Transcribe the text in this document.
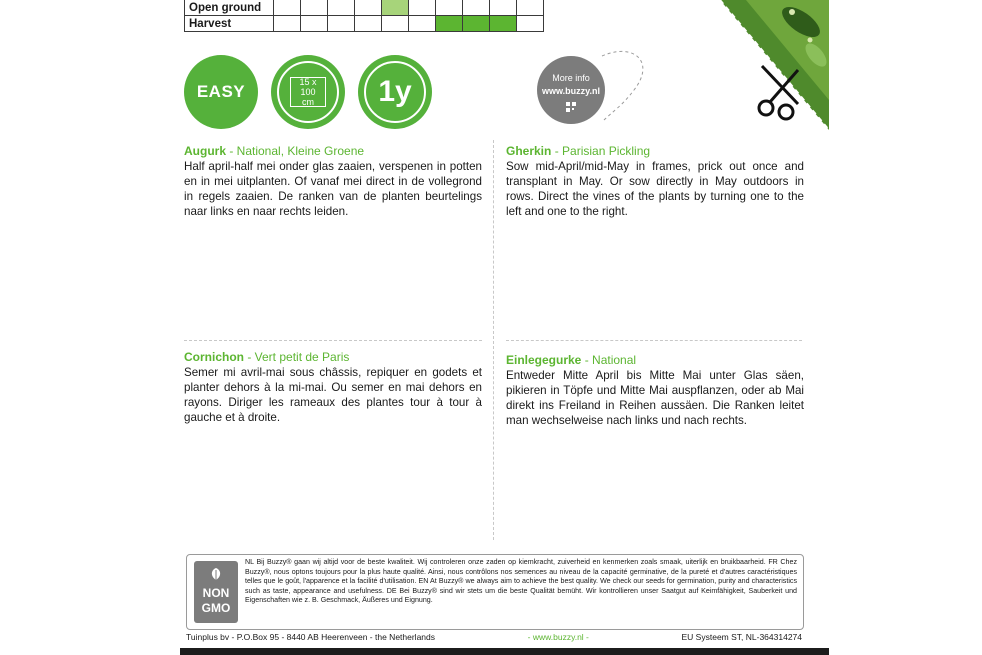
Open ground										
Harvest										
EASY	15 x 100
cm	1y	More info
www.buzzy.nl
Augurk - National, Kleine Groene

Half april-half mei onder glas zaaien, verspenen in potten en in mei uitplanten. Of vanaf mei direct in de vollegrond in regels zaaien. De ranken van de planten beurtelings naar links en naar rechts leiden.

Gherkin - Parisian Pickling

Sow mid-April/mid-May in frames, prick out once and transplant in May. Or sow directly in May outdoors in rows. Direct the vines of the plants by turning one to the left and one to the right.

Cornichon - Vert petit de Paris

Semer mi avril-mai sous châssis, repiquer en godets et planter dehors à la mi-mai. Ou semer en mai dehors en rayons. Diriger les rameaux des plantes tour à tour à gauche et à droite.

Einlegegurke - National

Entweder Mitte April bis Mitte Mai unter Glas säen, pikieren in Töpfe und Mitte Mai auspflanzen, oder ab Mai direkt ins Freiland in Reihen aussäen. Die Ranken leitet man wechselweise nach links und nach rechts.

NON
GMO
NL Bij Buzzy® gaan wij altijd voor de beste kwaliteit. Wij controleren onze zaden op kiemkracht, zuiverheid en kenmerken zoals smaak, uiterlijk en bruikbaarheid. FR Chez Buzzy®, nous optons toujours pour la plus haute qualité. Ainsi, nous contrôlons nos semences au niveau de la capacité germinative, de la pureté et d'autres caractéristiques telles que le goût, l'apparence et la facilité d'utilisation. EN At Buzzy® we always aim to achieve the best quality. We check our seeds for germination, purity and characteristics such as taste, appearance and usefulness. DE Bei Buzzy® sind wir stets um die beste Qualität bemüht. Wir kontrollieren unser Saatgut auf Keimfähigkeit, Sauberkeit und Eigenschaften wie z. B. Geschmack, Äußeres und Eignung.
Tuinplus bv - P.O.Box 95 - 8440 AB Heerenveen - the Netherlands	- www.buzzy.nl -	EU Systeem ST, NL-364314274
